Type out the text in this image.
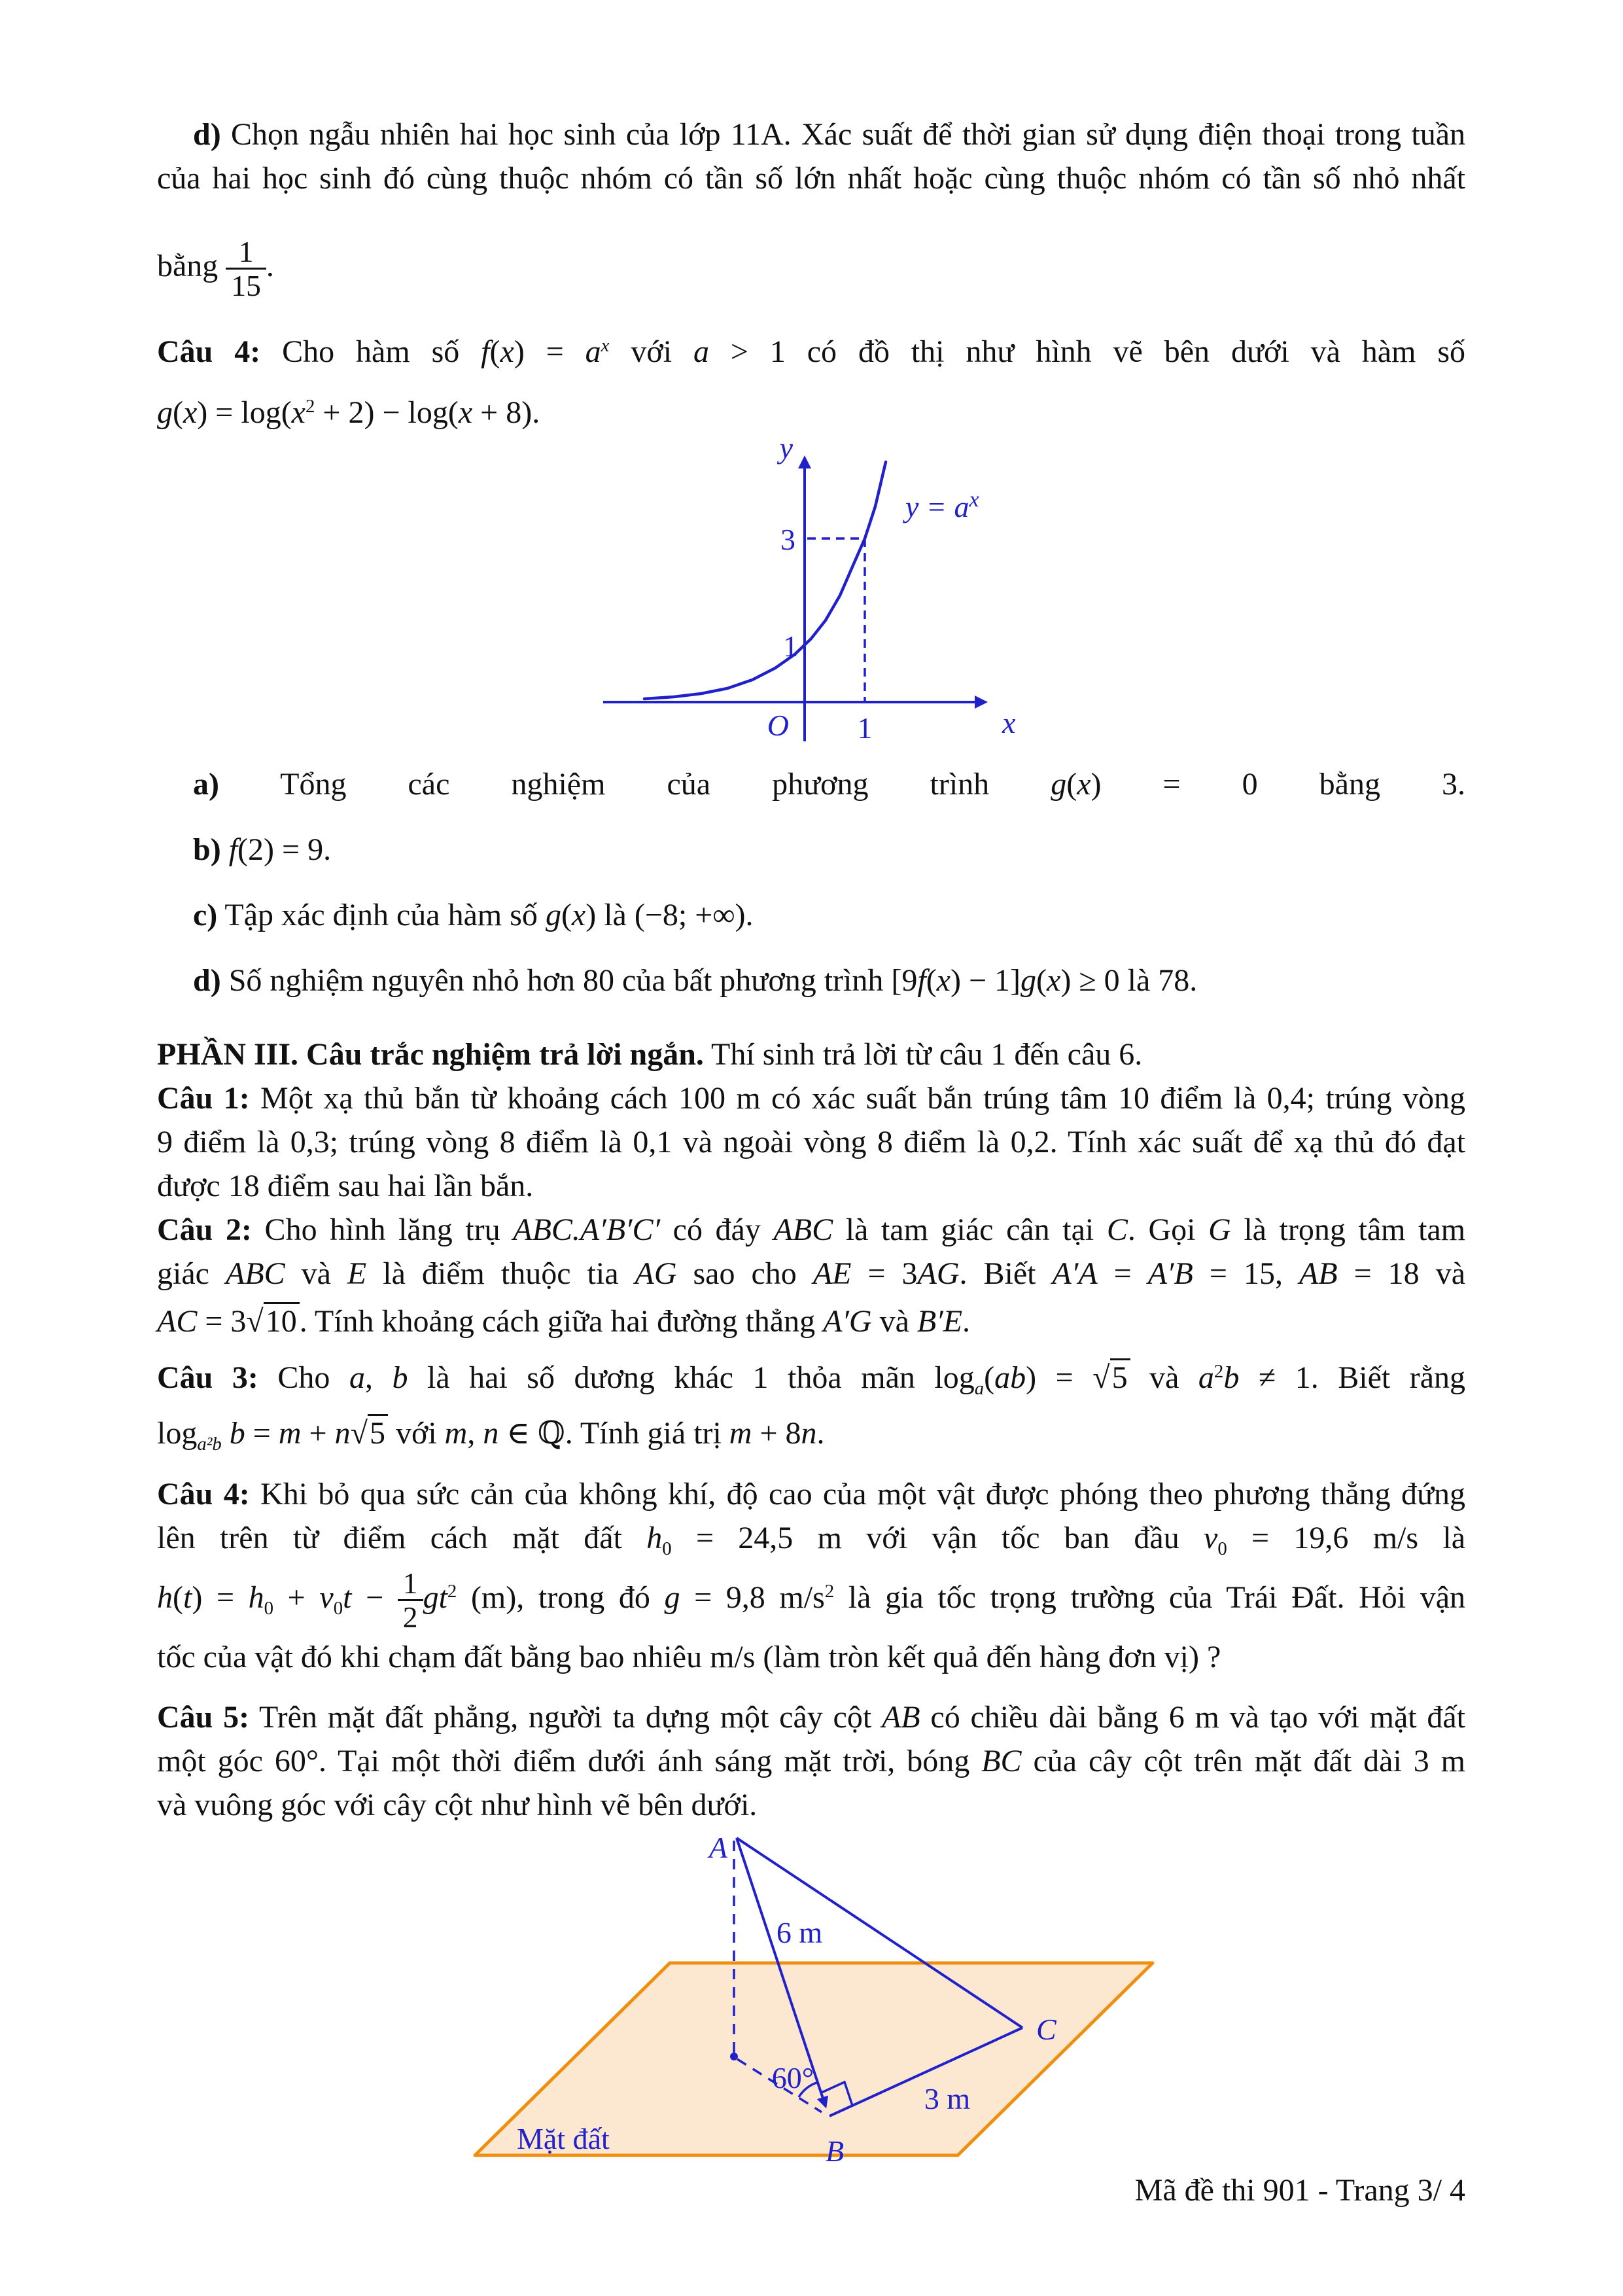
d) Chọn ngẫu nhiên hai học sinh của lớp 11A. Xác suất để thời gian sử dụng điện thoại trong tuần
của hai học sinh đó cùng thuộc nhóm có tần số lớn nhất hoặc cùng thuộc nhóm có tần số nhỏ nhất
bằng $\frac{1}{15}$ .
Câu 4: Cho hàm số $f(x) = a^x$ với a > 1 có đồ thị như hình vẽ bên dưới và hàm số
$g(x) = \log(x^2 + 2) - \log(x + 8)$.
y
x
O
3
1
1
$y = a^x$
a) Tổng các nghiệm của phương trình g(x) = 0 bằng 3.
b) f(2) = 9.
c) Tập xác định của hàm số g(x) là (−8; +∞).
d) Số nghiệm nguyên nhỏ hơn 80 của bất phương trình [9f(x) − 1]g(x) ≥ 0 là 78.
PHẦN III. Câu trắc nghiệm trả lời ngắn. Thí sinh trả lời từ câu 1 đến câu 6.
Câu 1: Một xạ thủ bắn từ khoảng cách 100 m có xác suất bắn trúng tâm 10 điểm là 0,4; trúng vòng
9 điểm là 0,3; trúng vòng 8 điểm là 0,1 và ngoài vòng 8 điểm là 0,2. Tính xác suất để xạ thủ đó đạt
được 18 điểm sau hai lần bắn.
Câu 2: Cho hình lăng trụ ABC.A′B′C′ có đáy ABC là tam giác cân tại C. Gọi G là trọng tâm tam
giác ABC và E là điểm thuộc tia AG sao cho AE = 3AG. Biết A′A = A′B = 15, AB = 18 và
AC = 3√10. Tính khoảng cách giữa hai đường thẳng A′G và B′E.
Câu 3: Cho a, b là hai số dương khác 1 thỏa mãn $\log_a(ab) = √5$ và $a^2b \ne 1$. Biết rằng
$\log_{a^2b} b = m + n√5$ với m, n ∈ ℚ. Tính giá trị m + 8n.
Câu 4: Khi bỏ qua sức cản của không khí, độ cao của một vật được phóng theo phương thẳng đứng
lên trên từ điểm cách mặt đất $h_0 = 24,5$ m với vận tốc ban đầu $v_0 = 19,6$ m/s là
$h(t) = h_0 + v_0t - \frac{1}{2} gt^2$ (m), trong đó g = 9,8 $m/s^2$ là gia tốc trọng trường của Trái Đất. Hỏi vận
tốc của vật đó khi chạm đất bằng bao nhiêu m/s (làm tròn kết quả đến hàng đơn vị) ?
Câu 5: Trên mặt đất phẳng, người ta dựng một cây cột AB có chiều dài bằng 6 m và tạo với mặt đất
một góc 60°. Tại một thời điểm dưới ánh sáng mặt trời, bóng BC của cây cột trên mặt đất dài 3 m
và vuông góc với cây cột như hình vẽ bên dưới.
A
B
C
6 m
3 m
60°
Mặt đất
Mã đề thi 901 - Trang 3/ 4
